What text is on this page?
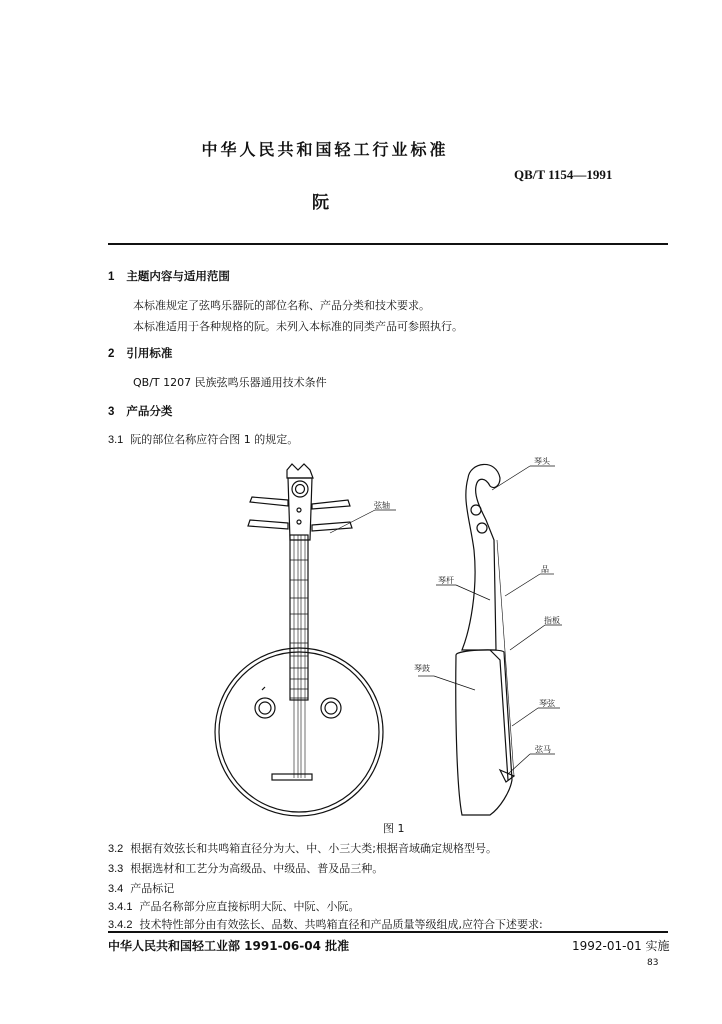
中华人民共和国轻工行业标准
QB/T 1154—1991
阮
1 主题内容与适用范围
本标准规定了弦鸣乐器阮的部位名称、产品分类和技术要求。
本标准适用于各种规格的阮。未列入本标准的同类产品可参照执行。
2 引用标准
QB/T 1207 民族弦鸣乐器通用技术条件
3 产品分类
3.1 阮的部位名称应符合图 1 的规定。
弦轴
琴头
品
琴杆
指板
琴鼓
琴弦
弦马
图 1
3.2 根据有效弦长和共鸣箱直径分为大、中、小三大类;根据音域确定规格型号。
3.3 根据选材和工艺分为高级品、中级品、普及品三种。
3.4 产品标记
3.4.1 产品名称部分应直接标明大阮、中阮、小阮。
3.4.2 技术特性部分由有效弦长、品数、共鸣箱直径和产品质量等级组成,应符合下述要求:
中华人民共和国轻工业部 1991-06-04 批准	1992-01-01 实施
83
